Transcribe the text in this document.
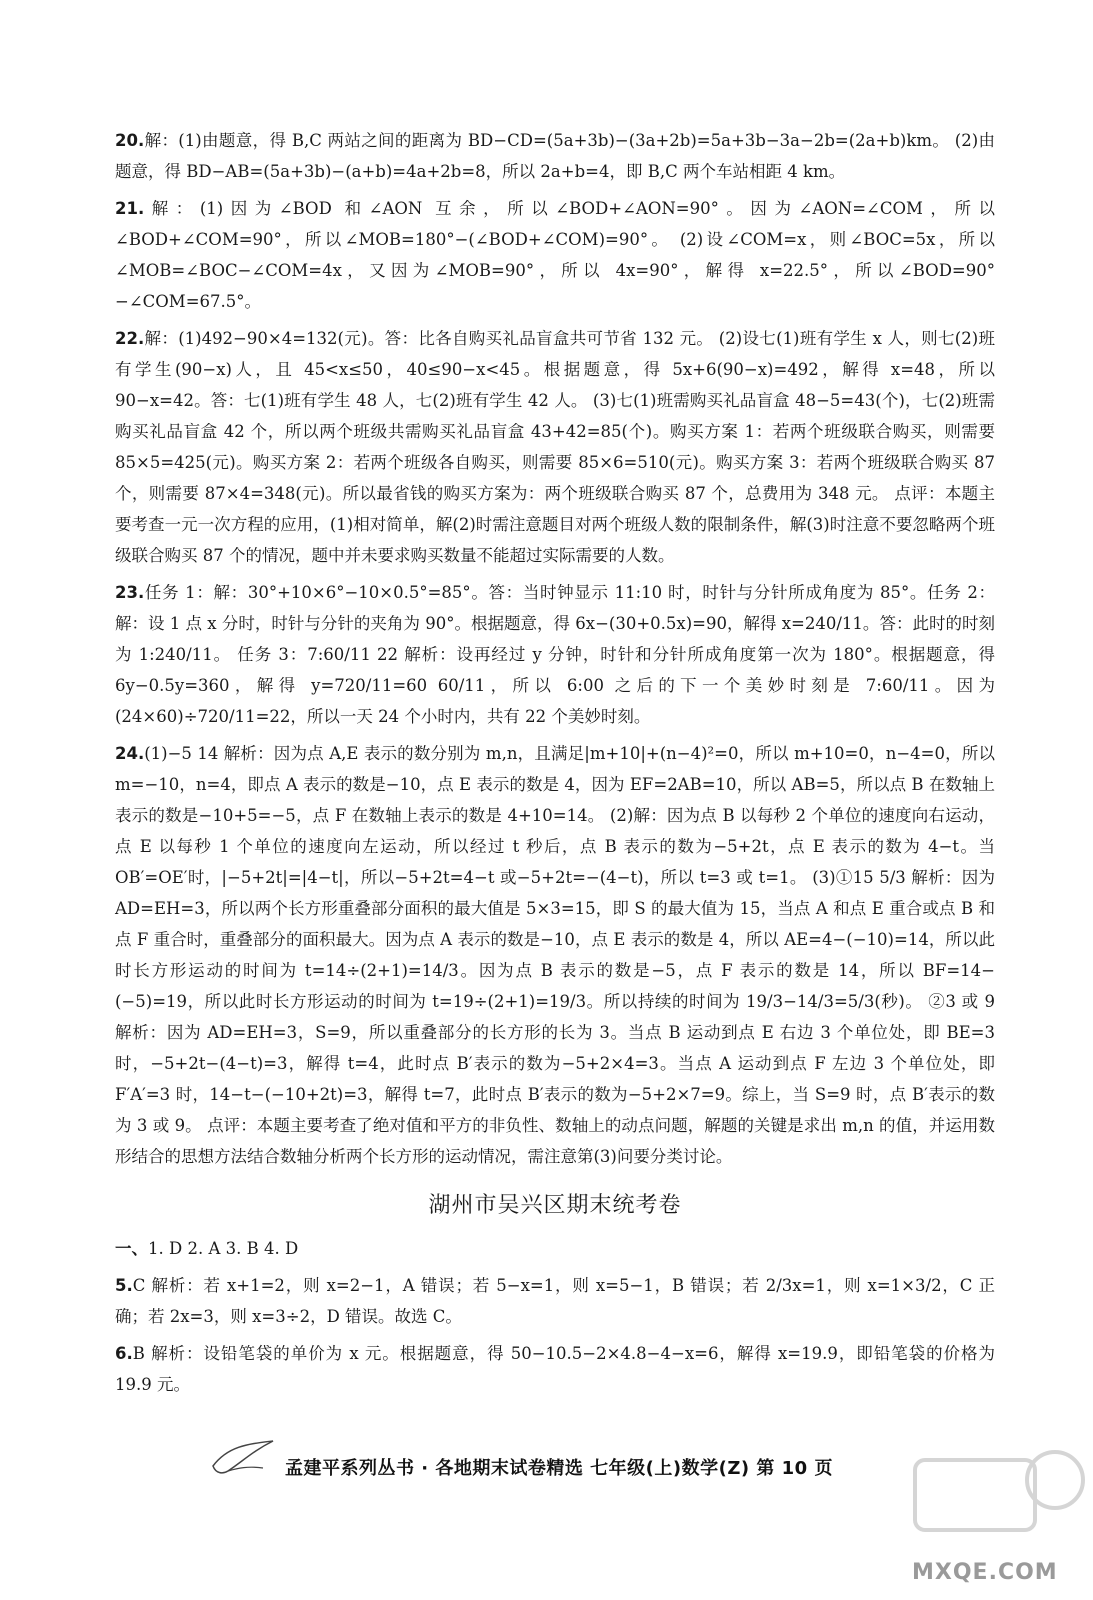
20.解：(1)由题意，得 B,C 两站之间的距离为 BD−CD=(5a+3b)−(3a+2b)=5a+3b−3a−2b=(2a+b)km。 (2)由题意，得 BD−AB=(5a+3b)−(a+b)=4a+2b=8，所以 2a+b=4，即 B,C 两个车站相距 4 km。

21.解：(1)因为∠BOD 和∠AON 互余，所以∠BOD+∠AON=90°。因为∠AON=∠COM，所以∠BOD+∠COM=90°，所以∠MOB=180°−(∠BOD+∠COM)=90°。 (2)设∠COM=x，则∠BOC=5x，所以∠MOB=∠BOC−∠COM=4x，又因为∠MOB=90°，所以 4x=90°，解得 x=22.5°，所以∠BOD=90°−∠COM=67.5°。

22.解：(1)492−90×4=132(元)。答：比各自购买礼品盲盒共可节省 132 元。 (2)设七(1)班有学生 x 人，则七(2)班有学生(90−x)人，且 45<x≤50，40≤90−x<45。根据题意，得 5x+6(90−x)=492，解得 x=48，所以 90−x=42。答：七(1)班有学生 48 人，七(2)班有学生 42 人。 (3)七(1)班需购买礼品盲盒 48−5=43(个)，七(2)班需购买礼品盲盒 42 个，所以两个班级共需购买礼品盲盒 43+42=85(个)。购买方案 1：若两个班级联合购买，则需要 85×5=425(元)。购买方案 2：若两个班级各自购买，则需要 85×6=510(元)。购买方案 3：若两个班级联合购买 87 个，则需要 87×4=348(元)。所以最省钱的购买方案为：两个班级联合购买 87 个，总费用为 348 元。 点评：本题主要考查一元一次方程的应用，(1)相对简单，解(2)时需注意题目对两个班级人数的限制条件，解(3)时注意不要忽略两个班级联合购买 87 个的情况，题中并未要求购买数量不能超过实际需要的人数。

23.任务 1：解：30°+10×6°−10×0.5°=85°。答：当时钟显示 11:10 时，时针与分针所成角度为 85°。任务 2：解：设 1 点 x 分时，时针与分针的夹角为 90°。根据题意，得 6x−(30+0.5x)=90，解得 x=240/11。答：此时的时刻为 1:240/11。 任务 3：7:60/11 22 解析：设再经过 y 分钟，时针和分针所成角度第一次为 180°。根据题意，得 6y−0.5y=360，解得 y=720/11=60 60/11，所以 6:00 之后的下一个美妙时刻是 7:60/11。因为(24×60)÷720/11=22，所以一天 24 个小时内，共有 22 个美妙时刻。

24.(1)−5 14 解析：因为点 A,E 表示的数分别为 m,n，且满足|m+10|+(n−4)²=0，所以 m+10=0，n−4=0，所以 m=−10，n=4，即点 A 表示的数是−10，点 E 表示的数是 4，因为 EF=2AB=10，所以 AB=5，所以点 B 在数轴上表示的数是−10+5=−5，点 F 在数轴上表示的数是 4+10=14。 (2)解：因为点 B 以每秒 2 个单位的速度向右运动，点 E 以每秒 1 个单位的速度向左运动，所以经过 t 秒后，点 B 表示的数为−5+2t，点 E 表示的数为 4−t。当 OB′=OE′时，|−5+2t|=|4−t|，所以−5+2t=4−t 或−5+2t=−(4−t)，所以 t=3 或 t=1。 (3)①15 5/3 解析：因为 AD=EH=3，所以两个长方形重叠部分面积的最大值是 5×3=15，即 S 的最大值为 15，当点 A 和点 E 重合或点 B 和点 F 重合时，重叠部分的面积最大。因为点 A 表示的数是−10，点 E 表示的数是 4，所以 AE=4−(−10)=14，所以此时长方形运动的时间为 t=14÷(2+1)=14/3。因为点 B 表示的数是−5，点 F 表示的数是 14，所以 BF=14−(−5)=19，所以此时长方形运动的时间为 t=19÷(2+1)=19/3。所以持续的时间为 19/3−14/3=5/3(秒)。 ②3 或 9 解析：因为 AD=EH=3，S=9，所以重叠部分的长方形的长为 3。当点 B 运动到点 E 右边 3 个单位处，即 BE=3 时，−5+2t−(4−t)=3，解得 t=4，此时点 B′表示的数为−5+2×4=3。当点 A 运动到点 F 左边 3 个单位处，即 F′A′=3 时，14−t−(−10+2t)=3，解得 t=7，此时点 B′表示的数为−5+2×7=9。综上，当 S=9 时，点 B′表示的数为 3 或 9。 点评：本题主要考查了绝对值和平方的非负性、数轴上的动点问题，解题的关键是求出 m,n 的值，并运用数形结合的思想方法结合数轴分析两个长方形的运动情况，需注意第(3)问要分类讨论。

湖州市吴兴区期末统考卷

一、1. D 2. A 3. B 4. D

5.C 解析：若 x+1=2，则 x=2−1，A 错误；若 5−x=1，则 x=5−1，B 错误；若 2/3x=1，则 x=1×3/2，C 正确；若 2x=3，则 x=3÷2，D 错误。故选 C。

6.B 解析：设铅笔袋的单价为 x 元。根据题意，得 50−10.5−2×4.8−4−x=6，解得 x=19.9，即铅笔袋的价格为 19.9 元。

孟建平系列丛书 · 各地期末试卷精选 七年级(上)数学(Z) 第 10 页
MXQE.COM
